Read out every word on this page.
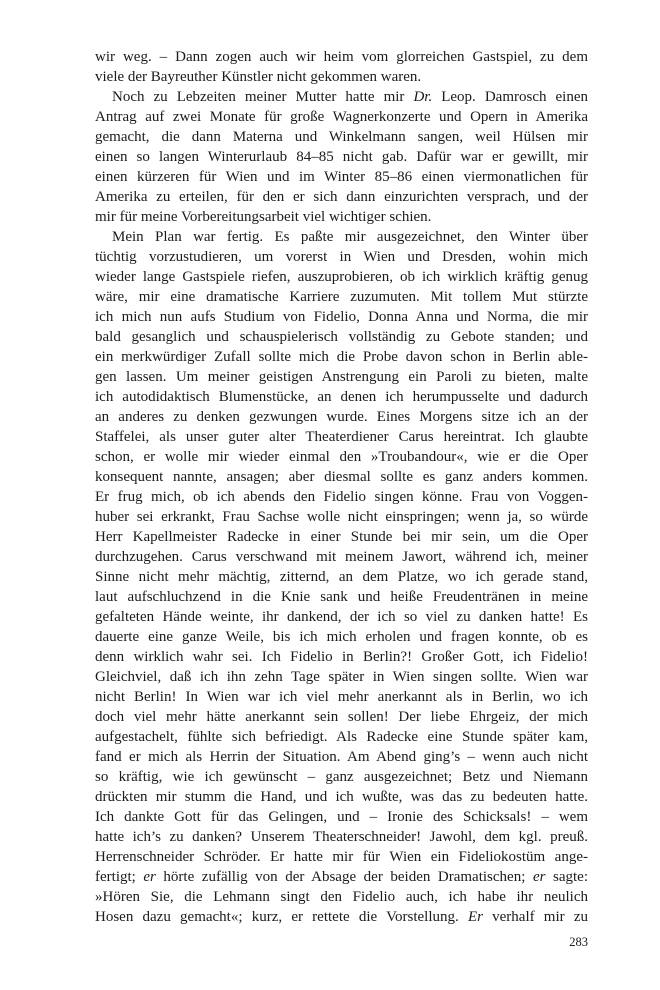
wir weg. – Dann zogen auch wir heim vom glorreichen Gastspiel, zu dem
viele der Bayreuther Künstler nicht gekommen waren.
Noch zu Lebzeiten meiner Mutter hatte mir Dr. Leop. Damrosch einen
Antrag auf zwei Monate für große Wagnerkonzerte und Opern in Amerika
gemacht, die dann Materna und Winkelmann sangen, weil Hülsen mir
einen so langen Winterurlaub 84–85 nicht gab. Dafür war er gewillt, mir
einen kürzeren für Wien und im Winter 85–86 einen viermonatlichen für
Amerika zu erteilen, für den er sich dann einzurichten versprach, und der
mir für meine Vorbereitungsarbeit viel wichtiger schien.
Mein Plan war fertig. Es paßte mir ausgezeichnet, den Winter über
tüchtig vorzustudieren, um vorerst in Wien und Dresden, wohin mich
wieder lange Gastspiele riefen, auszuprobieren, ob ich wirklich kräftig genug
wäre, mir eine dramatische Karriere zuzumuten. Mit tollem Mut stürzte
ich mich nun aufs Studium von Fidelio, Donna Anna und Norma, die mir
bald gesanglich und schauspielerisch vollständig zu Gebote standen; und
ein merkwürdiger Zufall sollte mich die Probe davon schon in Berlin able-
gen lassen. Um meiner geistigen Anstrengung ein Paroli zu bieten, malte
ich autodidaktisch Blumenstücke, an denen ich herumpusselte und dadurch
an anderes zu denken gezwungen wurde. Eines Morgens sitze ich an der
Staffelei, als unser guter alter Theaterdiener Carus hereintrat. Ich glaubte
schon, er wolle mir wieder einmal den »Troubandour«, wie er die Oper
konsequent nannte, ansagen; aber diesmal sollte es ganz anders kommen.
Er frug mich, ob ich abends den Fidelio singen könne. Frau von Voggen-
huber sei erkrankt, Frau Sachse wolle nicht einspringen; wenn ja, so würde
Herr Kapellmeister Radecke in einer Stunde bei mir sein, um die Oper
durchzugehen. Carus verschwand mit meinem Jawort, während ich, meiner
Sinne nicht mehr mächtig, zitternd, an dem Platze, wo ich gerade stand,
laut aufschluchzend in die Knie sank und heiße Freudentränen in meine
gefalteten Hände weinte, ihr dankend, der ich so viel zu danken hatte! Es
dauerte eine ganze Weile, bis ich mich erholen und fragen konnte, ob es
denn wirklich wahr sei. Ich Fidelio in Berlin?! Großer Gott, ich Fidelio!
Gleichviel, daß ich ihn zehn Tage später in Wien singen sollte. Wien war
nicht Berlin! In Wien war ich viel mehr anerkannt als in Berlin, wo ich
doch viel mehr hätte anerkannt sein sollen! Der liebe Ehrgeiz, der mich
aufgestachelt, fühlte sich befriedigt. Als Radecke eine Stunde später kam,
fand er mich als Herrin der Situation. Am Abend ging’s – wenn auch nicht
so kräftig, wie ich gewünscht – ganz ausgezeichnet; Betz und Niemann
drückten mir stumm die Hand, und ich wußte, was das zu bedeuten hatte.
Ich dankte Gott für das Gelingen, und – Ironie des Schicksals! – wem
hatte ich’s zu danken? Unserem Theaterschneider! Jawohl, dem kgl. preuß.
Herrenschneider Schröder. Er hatte mir für Wien ein Fideliokostüm ange-
fertigt; er hörte zufällig von der Absage der beiden Dramatischen; er sagte:
»Hören Sie, die Lehmann singt den Fidelio auch, ich habe ihr neulich
Hosen dazu gemacht«; kurz, er rettete die Vorstellung. Er verhalf mir zu
283
